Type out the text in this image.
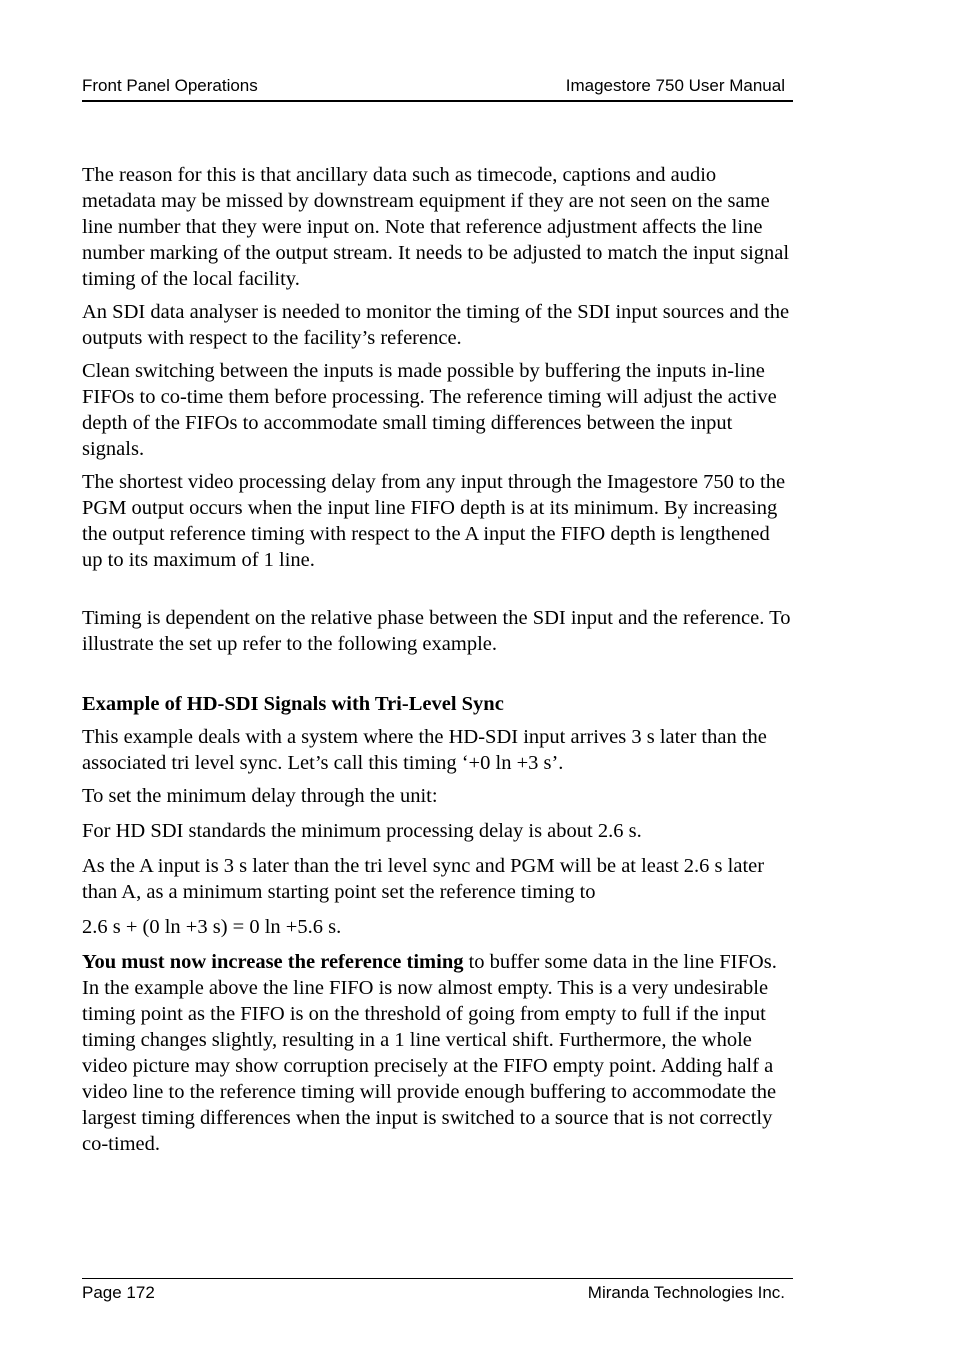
Front Panel Operations	Imagestore 750 User Manual

The reason for this is that ancillary data such as timecode, captions and audio metadata may be missed by downstream equipment if they are not seen on the same line number that they were input on. Note that reference adjustment affects the line number marking of the output stream. It needs to be adjusted to match the input signal timing of the local facility.

An SDI data analyser is needed to monitor the timing of the SDI input sources and the outputs with respect to the facility’s reference.

Clean switching between the inputs is made possible by buffering the inputs in-line FIFOs to co-time them before processing. The reference timing will adjust the active depth of the FIFOs to accommodate small timing differences between the input signals.

The shortest video processing delay from any input through the Imagestore 750 to the PGM output occurs when the input line FIFO depth is at its minimum. By increasing the output reference timing with respect to the A input the FIFO depth is lengthened up to its maximum of 1 line.

Timing is dependent on the relative phase between the SDI input and the reference. To illustrate the set up refer to the following example.

Example of HD-SDI Signals with Tri-Level Sync

This example deals with a system where the HD-SDI input arrives 3 s later than the associated tri level sync. Let’s call this timing ‘+0 ln +3 s’.

To set the minimum delay through the unit:

For HD SDI standards the minimum processing delay is about 2.6 s.

As the A input is 3 s later than the tri level sync and PGM will be at least 2.6 s later than A, as a minimum starting point set the reference timing to

2.6 s + (0 ln +3 s) = 0 ln +5.6 s.

You must now increase the reference timing to buffer some data in the line FIFOs. In the example above the line FIFO is now almost empty. This is a very undesirable timing point as the FIFO is on the threshold of going from empty to full if the input timing changes slightly, resulting in a 1 line vertical shift. Furthermore, the whole video picture may show corruption precisely at the FIFO empty point. Adding half a video line to the reference timing will provide enough buffering to accommodate the largest timing differences when the input is switched to a source that is not correctly co-timed.

Page 172	Miranda Technologies Inc.
